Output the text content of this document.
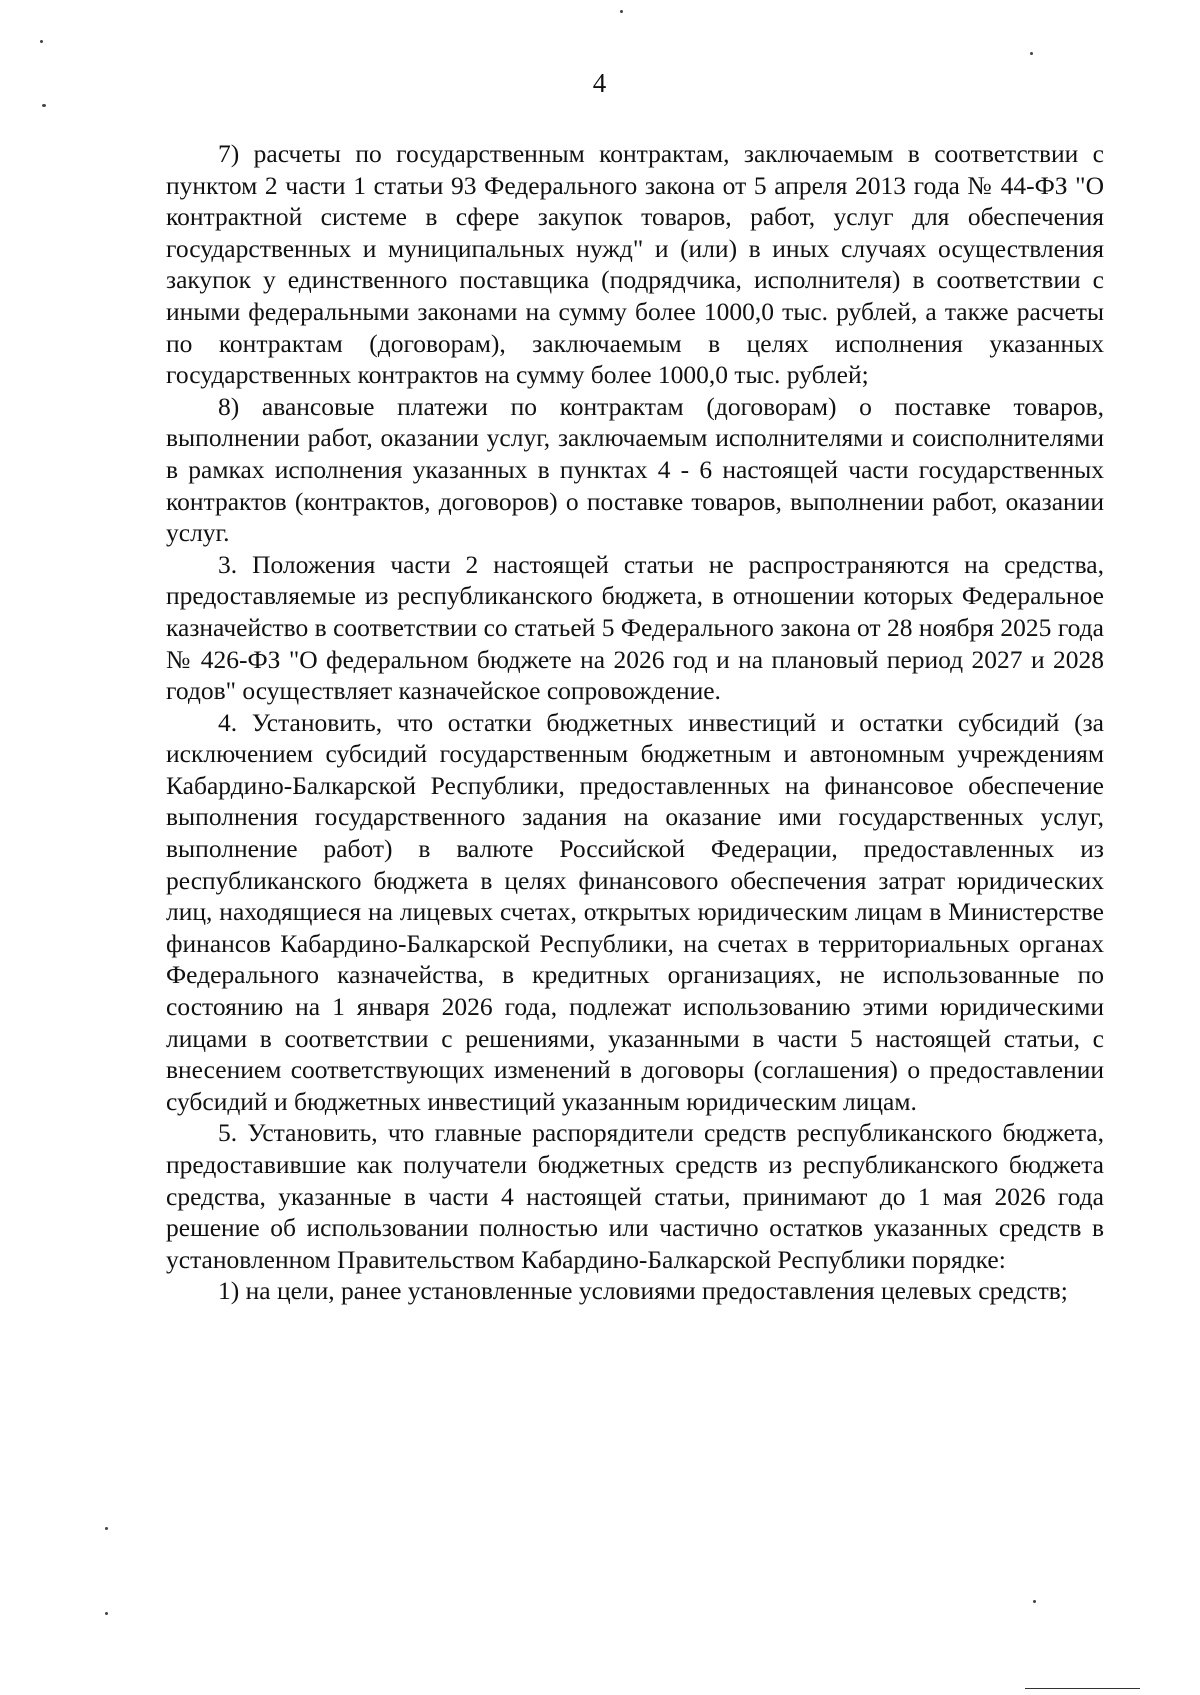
4

7) расчеты по государственным контрактам, заключаемым в соответствии с пунктом 2 части 1 статьи 93 Федерального закона от 5 апреля 2013 года № 44-ФЗ "О контрактной системе в сфере закупок товаров, работ, услуг для обеспечения государственных и муниципальных нужд" и (или) в иных случаях осуществления закупок у единственного поставщика (подрядчика, исполнителя) в соответствии с иными федеральными законами на сумму более 1000,0 тыс. рублей, а также расчеты по контрактам (договорам), заключаемым в целях исполнения указанных государственных контрактов на сумму более 1000,0 тыс. рублей;

8) авансовые платежи по контрактам (договорам) о поставке товаров, выполнении работ, оказании услуг, заключаемым исполнителями и соисполнителями в рамках исполнения указанных в пунктах 4 - 6 настоящей части государственных контрактов (контрактов, договоров) о поставке товаров, выполнении работ, оказании услуг.

3. Положения части 2 настоящей статьи не распространяются на средства, предоставляемые из республиканского бюджета, в отношении которых Федеральное казначейство в соответствии со статьей 5 Федерального закона от 28 ноября 2025 года № 426-ФЗ "О федеральном бюджете на 2026 год и на плановый период 2027 и 2028 годов" осуществляет казначейское сопровождение.

4. Установить, что остатки бюджетных инвестиций и остатки субсидий (за исключением субсидий государственным бюджетным и автономным учреждениям Кабардино-Балкарской Республики, предоставленных на финансовое обеспечение выполнения государственного задания на оказание ими государственных услуг, выполнение работ) в валюте Российской Федерации, предоставленных из республиканского бюджета в целях финансового обеспечения затрат юридических лиц, находящиеся на лицевых счетах, открытых юридическим лицам в Министерстве финансов Кабардино-Балкарской Республики, на счетах в территориальных органах Федерального казначейства, в кредитных организациях, не использованные по состоянию на 1 января 2026 года, подлежат использованию этими юридическими лицами в соответствии с решениями, указанными в части 5 настоящей статьи, с внесением соответствующих изменений в договоры (соглашения) о предоставлении субсидий и бюджетных инвестиций указанным юридическим лицам.

5. Установить, что главные распорядители средств республиканского бюджета, предоставившие как получатели бюджетных средств из республиканского бюджета средства, указанные в части 4 настоящей статьи, принимают до 1 мая 2026 года решение об использовании полностью или частично остатков указанных средств в установленном Правительством Кабардино-Балкарской Республики порядке:

1) на цели, ранее установленные условиями предоставления целевых средств;
